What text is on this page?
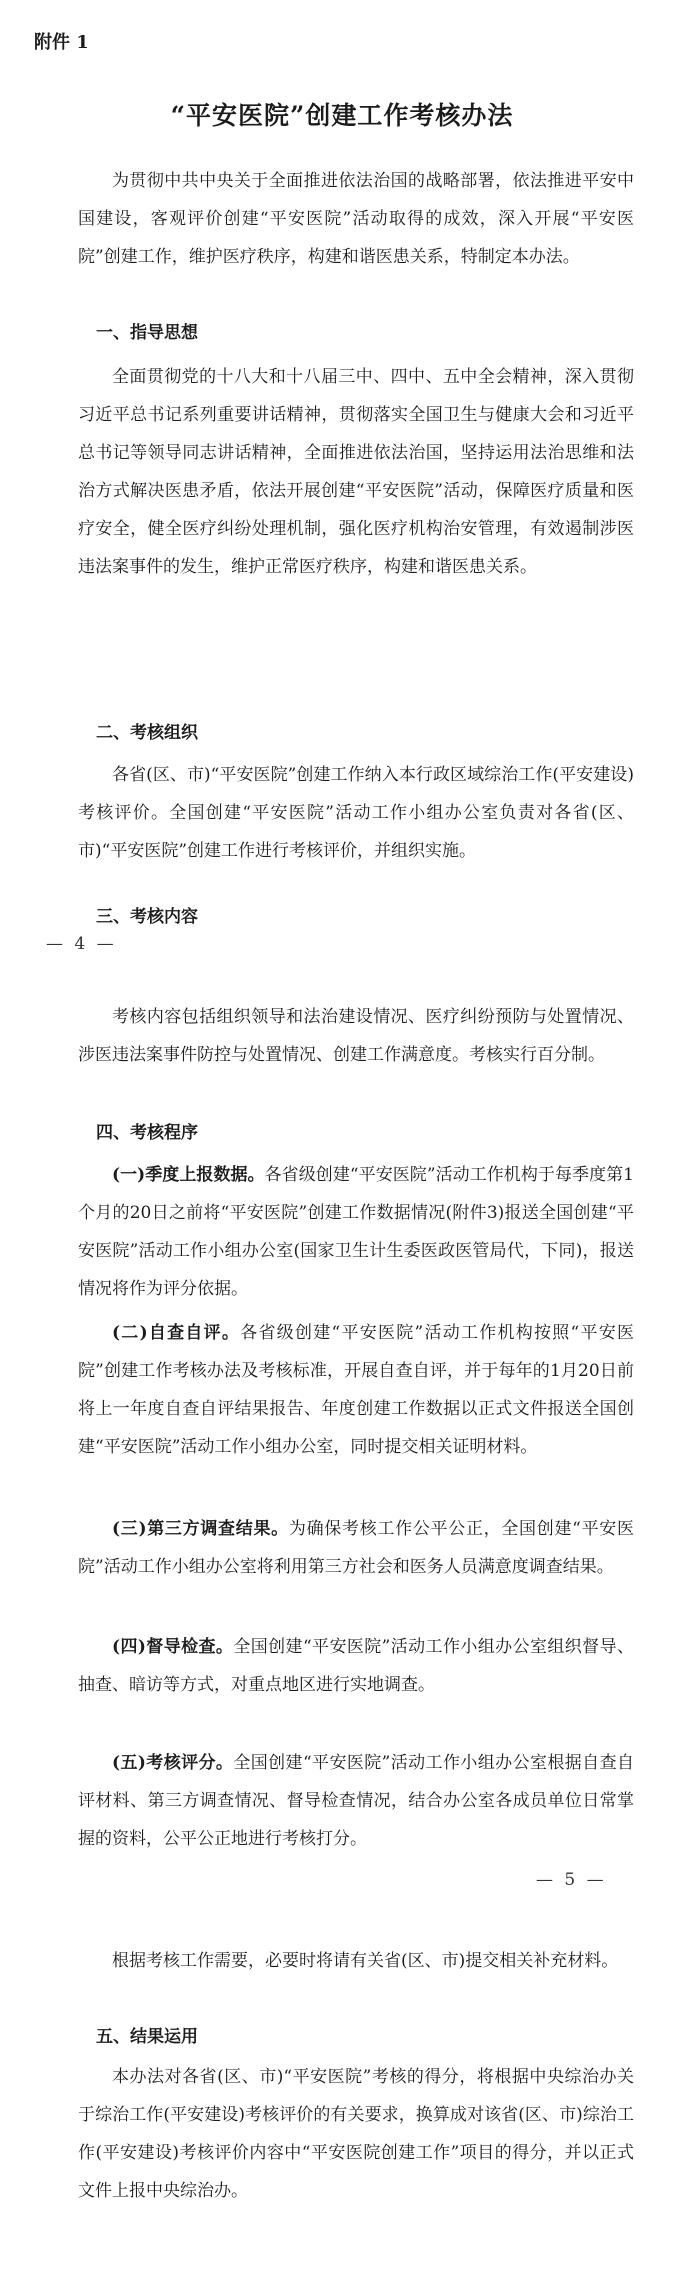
附件 1
“平安医院”创建工作考核办法

为贯彻中共中央关于全面推进依法治国的战略部署，依法推进平安中国建设，客观评价创建“平安医院”活动取得的成效，深入开展“平安医院”创建工作，维护医疗秩序，构建和谐医患关系，特制定本办法。

一、指导思想

全面贯彻党的十八大和十八届三中、四中、五中全会精神，深入贯彻习近平总书记系列重要讲话精神，贯彻落实全国卫生与健康大会和习近平总书记等领导同志讲话精神，全面推进依法治国，坚持运用法治思维和法治方式解决医患矛盾，依法开展创建“平安医院”活动，保障医疗质量和医疗安全，健全医疗纠纷处理机制，强化医疗机构治安管理，有效遏制涉医违法案事件的发生，维护正常医疗秩序，构建和谐医患关系。

二、考核组织

各省(区、市)“平安医院”创建工作纳入本行政区域综治工作(平安建设)考核评价。全国创建“平安医院”活动工作小组办公室负责对各省(区、市)“平安医院”创建工作进行考核评价，并组织实施。

三、考核内容
— 4 —

考核内容包括组织领导和法治建设情况、医疗纠纷预防与处置情况、涉医违法案事件防控与处置情况、创建工作满意度。考核实行百分制。

四、考核程序

(一)季度上报数据。各省级创建“平安医院”活动工作机构于每季度第1个月的20日之前将“平安医院”创建工作数据情况(附件3)报送全国创建“平安医院”活动工作小组办公室(国家卫生计生委医政医管局代，下同)，报送情况将作为评分依据。

(二)自查自评。各省级创建“平安医院”活动工作机构按照“平安医院”创建工作考核办法及考核标准，开展自查自评，并于每年的1月20日前将上一年度自查自评结果报告、年度创建工作数据以正式文件报送全国创建“平安医院”活动工作小组办公室，同时提交相关证明材料。

(三)第三方调查结果。为确保考核工作公平公正，全国创建“平安医院”活动工作小组办公室将利用第三方社会和医务人员满意度调查结果。

(四)督导检查。全国创建“平安医院”活动工作小组办公室组织督导、抽查、暗访等方式，对重点地区进行实地调查。

(五)考核评分。全国创建“平安医院”活动工作小组办公室根据自查自评材料、第三方调查情况、督导检查情况，结合办公室各成员单位日常掌握的资料，公平公正地进行考核打分。

— 5 —

根据考核工作需要，必要时将请有关省(区、市)提交相关补充材料。

五、结果运用

本办法对各省(区、市)“平安医院”考核的得分，将根据中央综治办关于综治工作(平安建设)考核评价的有关要求，换算成对该省(区、市)综治工作(平安建设)考核评价内容中“平安医院创建工作”项目的得分，并以正式文件上报中央综治办。
